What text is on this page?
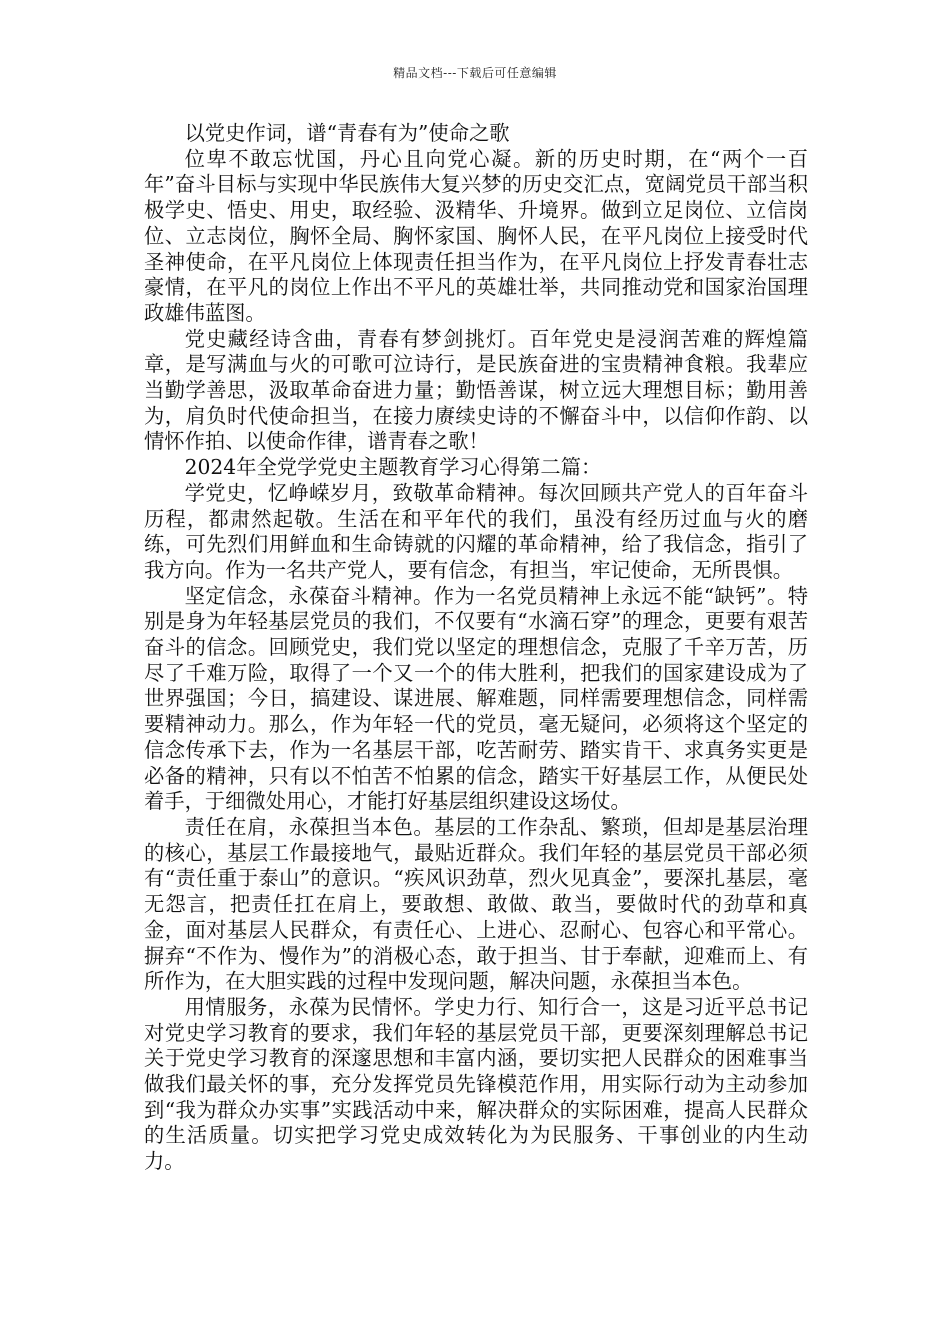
精品文档---下载后可任意编辑

以党史作词，谱“青春有为”使命之歌

位卑不敢忘忧国，丹心且向党心凝。新的历史时期，在“两个一百年”奋斗目标与实现中华民族伟大复兴梦的历史交汇点，宽阔党员干部当积极学史、悟史、用史，取经验、汲精华、升境界。做到立足岗位、立信岗位、立志岗位，胸怀全局、胸怀家国、胸怀人民，在平凡岗位上接受时代圣神使命，在平凡岗位上体现责任担当作为，在平凡岗位上抒发青春壮志豪情，在平凡的岗位上作出不平凡的英雄壮举，共同推动党和国家治国理政雄伟蓝图。

党史藏经诗含曲，青春有梦剑挑灯。百年党史是浸润苦难的辉煌篇章，是写满血与火的可歌可泣诗行，是民族奋进的宝贵精神食粮。我辈应当勤学善思，汲取革命奋进力量；勤悟善谋，树立远大理想目标；勤用善为，肩负时代使命担当，在接力赓续史诗的不懈奋斗中，以信仰作韵、以情怀作拍、以使命作律，谱青春之歌！

2024年全党学党史主题教育学习心得第二篇：

学党史，忆峥嵘岁月，致敬革命精神。每次回顾共产党人的百年奋斗历程，都肃然起敬。生活在和平年代的我们，虽没有经历过血与火的磨练，可先烈们用鲜血和生命铸就的闪耀的革命精神，给了我信念，指引了我方向。作为一名共产党人，要有信念，有担当，牢记使命，无所畏惧。

坚定信念，永葆奋斗精神。作为一名党员精神上永远不能“缺钙”。特别是身为年轻基层党员的我们，不仅要有“水滴石穿”的理念，更要有艰苦奋斗的信念。回顾党史，我们党以坚定的理想信念，克服了千辛万苦，历尽了千难万险，取得了一个又一个的伟大胜利，把我们的国家建设成为了世界强国；今日，搞建设、谋进展、解难题，同样需要理想信念，同样需要精神动力。那么，作为年轻一代的党员，毫无疑问，必须将这个坚定的信念传承下去，作为一名基层干部，吃苦耐劳、踏实肯干、求真务实更是必备的精神，只有以不怕苦不怕累的信念，踏实干好基层工作，从便民处着手，于细微处用心，才能打好基层组织建设这场仗。

责任在肩，永葆担当本色。基层的工作杂乱、繁琐，但却是基层治理的核心，基层工作最接地气，最贴近群众。我们年轻的基层党员干部必须有“责任重于泰山”的意识。“疾风识劲草，烈火见真金”，要深扎基层，毫无怨言，把责任扛在肩上，要敢想、敢做、敢当，要做时代的劲草和真金，面对基层人民群众，有责任心、上进心、忍耐心、包容心和平常心。摒弃“不作为、慢作为”的消极心态，敢于担当、甘于奉献，迎难而上、有所作为，在大胆实践的过程中发现问题，解决问题，永葆担当本色。

用情服务，永葆为民情怀。学史力行、知行合一，这是习近平总书记对党史学习教育的要求，我们年轻的基层党员干部，更要深刻理解总书记关于党史学习教育的深邃思想和丰富内涵，要切实把人民群众的困难事当做我们最关怀的事，充分发挥党员先锋模范作用，用实际行动为主动参加到“我为群众办实事”实践活动中来，解决群众的实际困难，提高人民群众的生活质量。切实把学习党史成效转化为为民服务、干事创业的内生动力。
